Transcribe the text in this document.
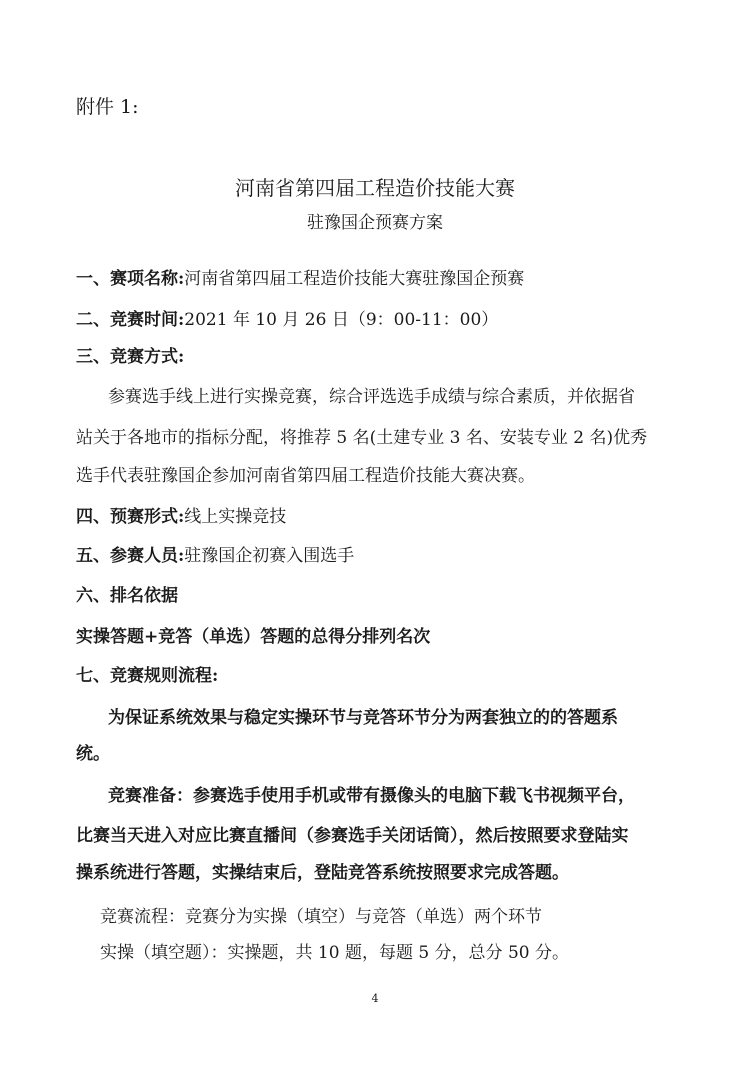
附件 1:
河南省第四届工程造价技能大赛
驻豫国企预赛方案
一、赛项名称:河南省第四届工程造价技能大赛驻豫国企预赛
二、竞赛时间:2021 年 10 月 26 日（9：00-11：00）
三、竞赛方式:
参赛选手线上进行实操竞赛，综合评选选手成绩与综合素质，并依据省
站关于各地市的指标分配，将推荐 5 名(土建专业 3 名、安装专业 2 名)优秀
选手代表驻豫国企参加河南省第四届工程造价技能大赛决赛。
四、预赛形式:线上实操竞技
五、参赛人员:驻豫国企初赛入围选手
六、排名依据
实操答题+竞答（单选）答题的总得分排列名次
七、竞赛规则流程:
为保证系统效果与稳定实操环节与竞答环节分为两套独立的的答题系
统。
竞赛准备：参赛选手使用手机或带有摄像头的电脑下载飞书视频平台，
比赛当天进入对应比赛直播间（参赛选手关闭话筒），然后按照要求登陆实
操系统进行答题，实操结束后，登陆竞答系统按照要求完成答题。
竞赛流程：竞赛分为实操（填空）与竞答（单选）两个环节
实操（填空题）：实操题，共 10 题，每题 5 分，总分 50 分。
4
